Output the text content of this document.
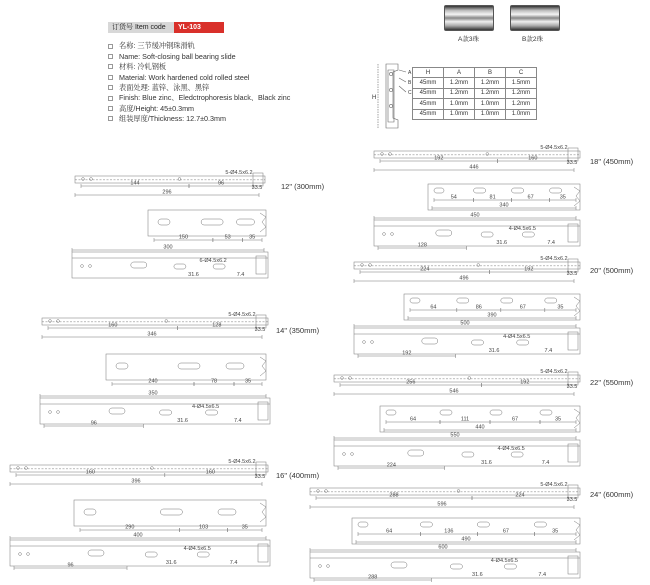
订货号 Item code	YL-103
名称: 三节缓冲钢珠滑轨
Name: Soft-closing ball bearing slide
材料: 冷轧钢板
Material: Work hardened cold rolled steel
表面处理: 蓝锌、泳黑、黑锌
Finish: Blue zinc、Eledctrophoresis black、Black zinc
高度/Height: 45±0.3mm
组装厚度/Thickness: 12.7±0.3mm
A款3珠	B款2珠
H	A	B	C
45mm	1.2mm	1.2mm	1.5mm
45mm	1.2mm	1.2mm	1.2mm
45mm	1.0mm	1.0mm	1.2mm
45mm	1.0mm	1.0mm	1.0mm
12" (300mm)
14" (350mm)
16" (400mm)
18" (450mm)
20" (500mm)
22" (550mm)
24" (600mm)
H
A
B
C
144	96
296
5-Ø4.5x6.2
33.5
150	53	35
300
6-Ø4.5x6.2
31.6	7.4
160	128
346
5-Ø4.5x6.2
33.5
240	78	35
350
96
4-Ø4.5x6.5
31.6	7.4
160	160
396
5-Ø4.5x6.2
33.5
290	103	35
400
96
4-Ø4.5x6.5
31.6	7.4
192	160
446
5-Ø4.5x6.2
33.5
54	81	67	35
340
450
128
4-Ø4.5x6.5
31.6	7.4
224	192
496
5-Ø4.5x6.2
33.5
64	86	67	35
390
500
192
4-Ø4.5x6.5
31.6	7.4
256	192
546
5-Ø4.5x6.2
33.5
64	111	67	35
440
550
224
4-Ø4.5x6.5
31.6	7.4
288	224
596
5-Ø4.5x6.2
33.5
64	136	67	35
490
600
288
4-Ø4.5x6.5
31.6	7.4
